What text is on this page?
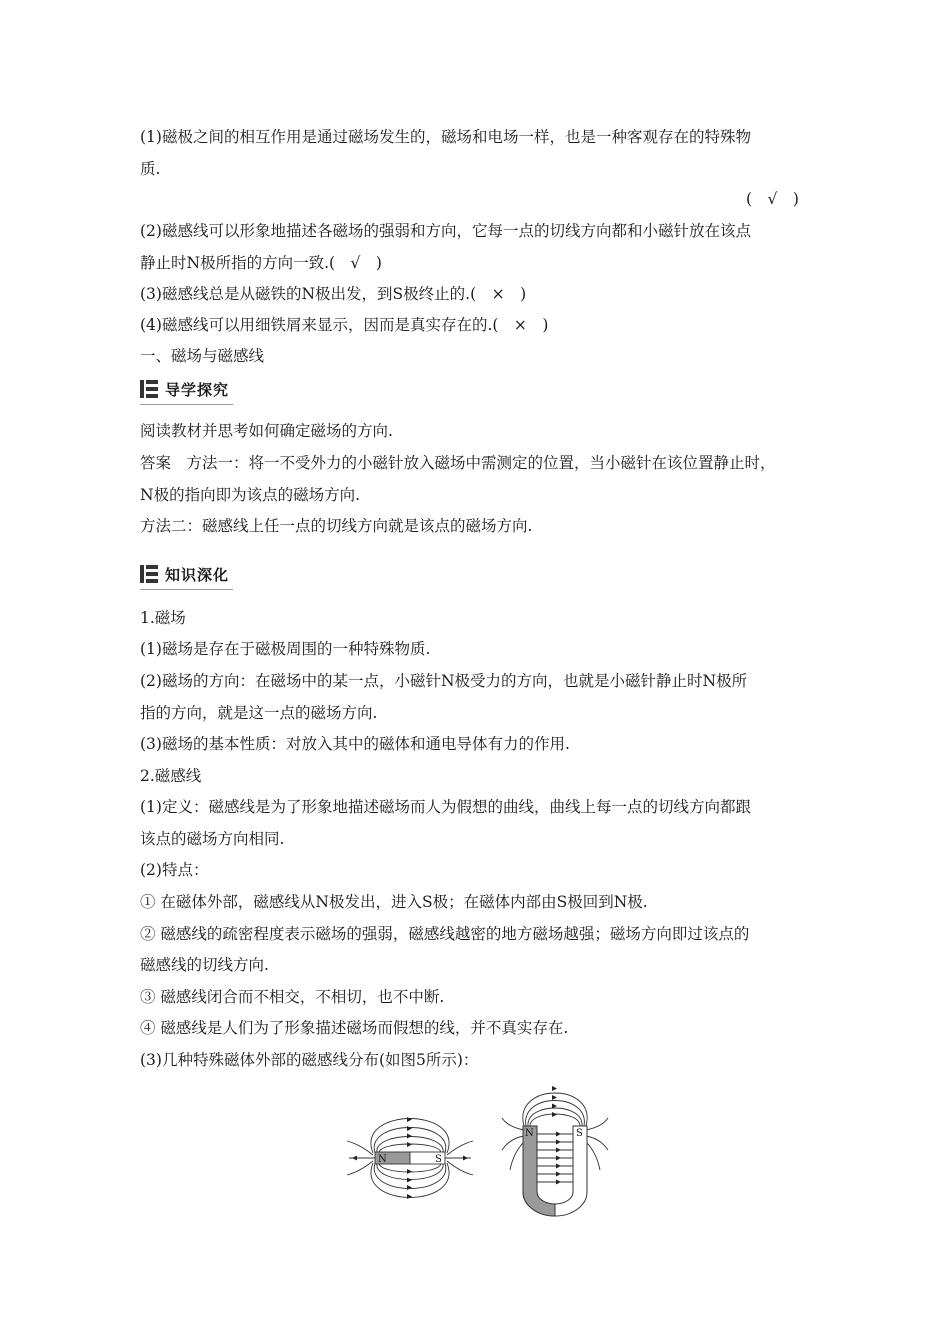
(1)磁极之间的相互作用是通过磁场发生的，磁场和电场一样，也是一种客观存在的特殊物
质.
(　√　)
(2)磁感线可以形象地描述各磁场的强弱和方向，它每一点的切线方向都和小磁针放在该点
静止时N极所指的方向一致.(　√　)
(3)磁感线总是从磁铁的N极出发，到S极终止的.(　×　)
(4)磁感线可以用细铁屑来显示，因而是真实存在的.(　×　)
一、磁场与磁感线
导学探究
阅读教材并思考如何确定磁场的方向.
答案　方法一：将一不受外力的小磁针放入磁场中需测定的位置，当小磁针在该位置静止时，
N极的指向即为该点的磁场方向.
方法二：磁感线上任一点的切线方向就是该点的磁场方向.
知识深化
1.磁场
(1)磁场是存在于磁极周围的一种特殊物质.
(2)磁场的方向：在磁场中的某一点，小磁针N极受力的方向，也就是小磁针静止时N极所
指的方向，就是这一点的磁场方向.
(3)磁场的基本性质：对放入其中的磁体和通电导体有力的作用.
2.磁感线
(1)定义：磁感线是为了形象地描述磁场而人为假想的曲线，曲线上每一点的切线方向都跟
该点的磁场方向相同.
(2)特点：
① 在磁体外部，磁感线从N极发出，进入S极；在磁体内部由S极回到N极.
② 磁感线的疏密程度表示磁场的强弱，磁感线越密的地方磁场越强；磁场方向即过该点的
磁感线的切线方向.
③ 磁感线闭合而不相交，不相切，也不中断.
④ 磁感线是人们为了形象描述磁场而假想的线，并不真实存在.
(3)几种特殊磁体外部的磁感线分布(如图5所示)：
N	S
N	S
